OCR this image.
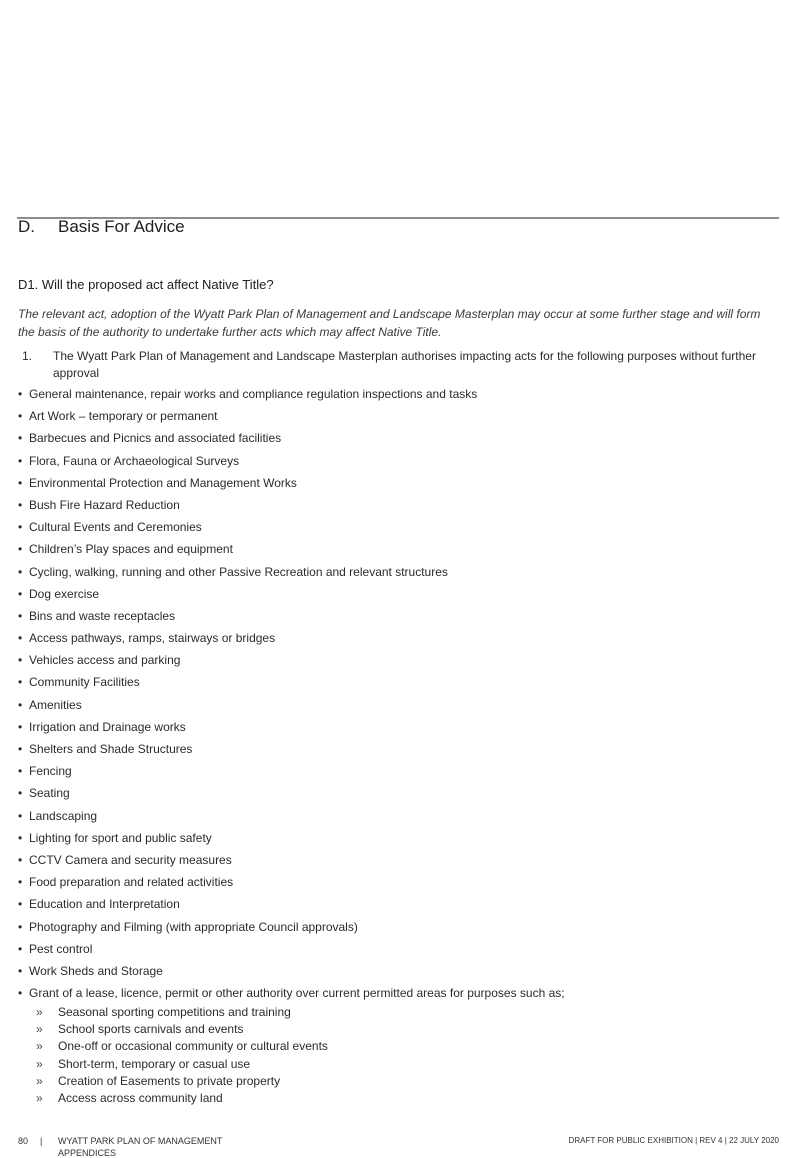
D. Basis For Advice
D1. Will the proposed act affect Native Title?
The relevant act, adoption of the Wyatt Park Plan of Management and Landscape Masterplan may occur at some further stage and will form the basis of the authority to undertake further acts which may affect Native Title.
1. The Wyatt Park Plan of Management and Landscape Masterplan authorises impacting acts for the following purposes without further approval
• General maintenance, repair works and compliance regulation inspections and tasks
• Art Work – temporary or permanent
• Barbecues and Picnics and associated facilities
• Flora, Fauna or Archaeological Surveys
• Environmental Protection and Management Works
• Bush Fire Hazard Reduction
• Cultural Events and Ceremonies
• Children’s Play spaces and equipment
• Cycling, walking, running and other Passive Recreation and relevant structures
• Dog exercise
• Bins and waste receptacles
• Access pathways, ramps, stairways or bridges
• Vehicles access and parking
• Community Facilities
• Amenities
• Irrigation and Drainage works
• Shelters and Shade Structures
• Fencing
• Seating
• Landscaping
• Lighting for sport and public safety
• CCTV Camera and security measures
• Food preparation and related activities
• Education and Interpretation
• Photography and Filming (with appropriate Council approvals)
• Pest control
• Work Sheds and Storage
• Grant of a lease, licence, permit or other authority over current permitted areas for purposes such as;
» Seasonal sporting competitions and training
» School sports carnivals and events
» One-off or occasional community or cultural events
» Short-term, temporary or casual use
» Creation of Easements to private property
» Access across community land
80 | WYATT PARK PLAN OF MANAGEMENT
APPENDICES
DRAFT FOR PUBLIC EXHIBITION | REV 4 | 22 JULY 2020
